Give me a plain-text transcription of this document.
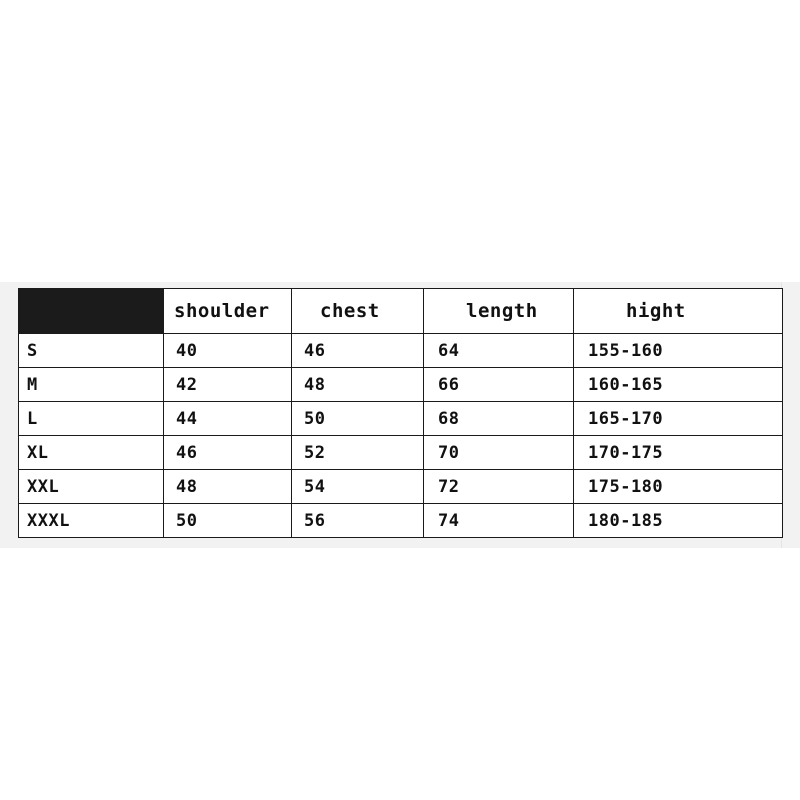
	shoulder	chest	length	hight
S	40	46	64	155-160
M	42	48	66	160-165
L	44	50	68	165-170
XL	46	52	70	170-175
XXL	48	54	72	175-180
XXXL	50	56	74	180-185
